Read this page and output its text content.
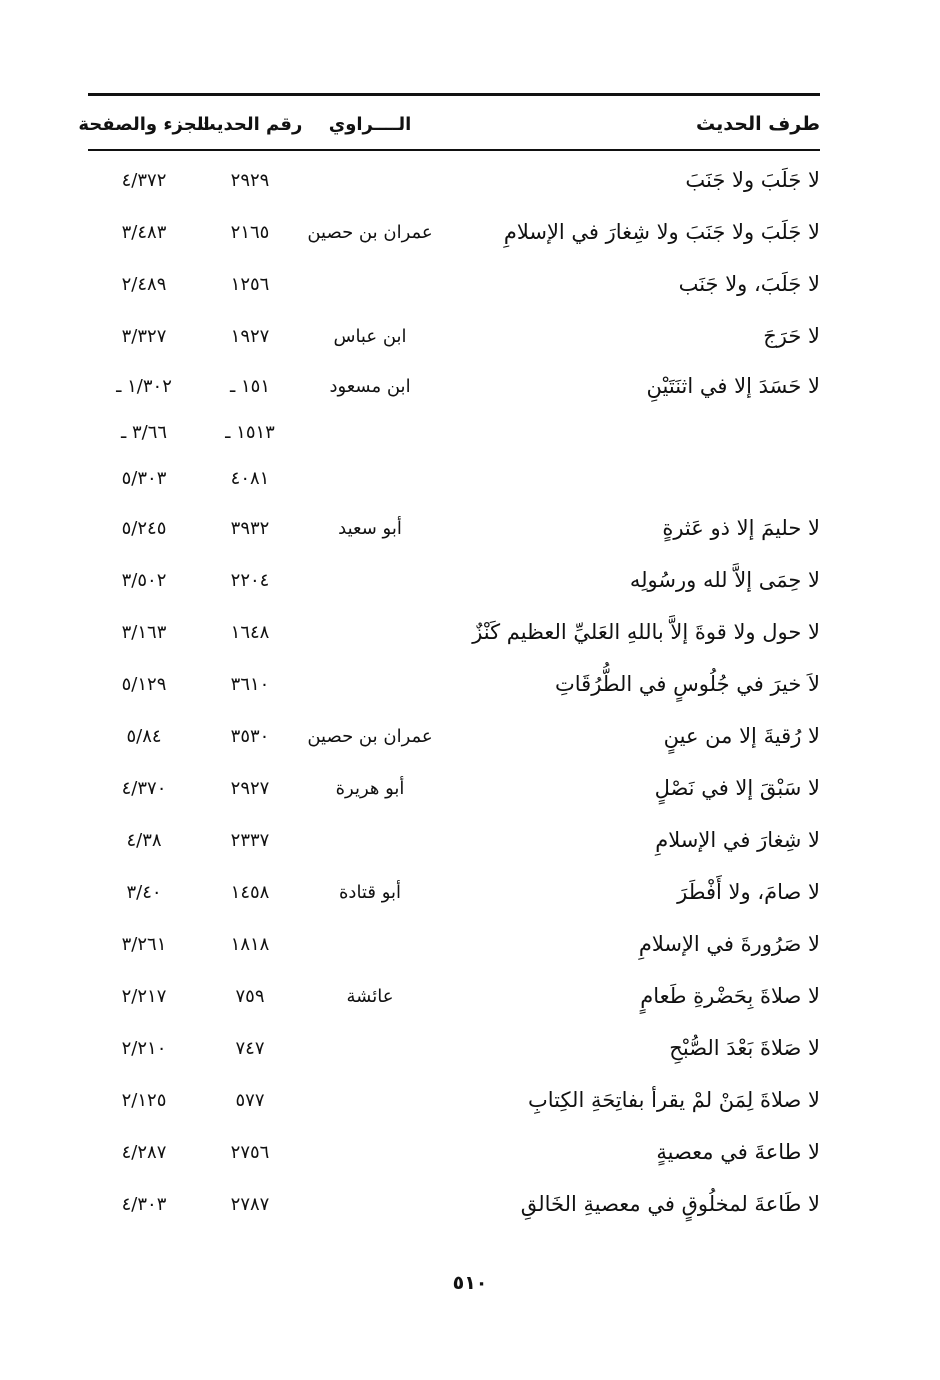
طرف الحديث
الــــراوي
رقم الحديث
الجزء والصفحة
لا جَلَبَ ولا جَنَبَ
٢٩٢٩
٤/٣٧٢
لا جَلَبَ ولا جَنَبَ ولا شِغارَ في الإسلامِ
عمران بن حصين
٢١٦٥
٣/٤٨٣
لا جَلَبَ، ولا جَنَب
١٢٥٦
٢/٤٨٩
لا حَرَجَ
ابن عباس
١٩٢٧
٣/٣٢٧
لا حَسَدَ إلا في اثنَتَيْنِ
ابن مسعود
١٥١ ـ
١/٣٠٢ ـ
١٥١٣ ـ
٣/٦٦ ـ
٤٠٨١
٥/٣٠٣
لا حليمَ إلا ذو عَثرةٍ
أبو سعيد
٣٩٣٢
٥/٢٤٥
لا حِمَى إلاَّ لله ورسُولِه
٢٢٠٤
٣/٥٠٢
لا حول ولا قوةَ إلاَّ باللهِ العَليِّ العظيم كَنْزٌ
١٦٤٨
٣/١٦٣
لاَ خيرَ في جُلُوسٍ في الطُّرُقَاتِ
٣٦١٠
٥/١٢٩
لا رُقيةَ إلا من عينٍ
عمران بن حصين
٣٥٣٠
٥/٨٤
لا سَبْقَ إلا في نَصْلٍ
أبو هريرة
٢٩٢٧
٤/٣٧٠
لا شِغارَ في الإسلامِ
٢٣٣٧
٤/٣٨
لا صامَ، ولا أَفْطَرَ
أبو قتادة
١٤٥٨
٣/٤٠
لا صَرُورةَ في الإسلامِ
١٨١٨
٣/٢٦١
لا صلاةَ بِحَضْرةِ طَعامٍ
عائشة
٧٥٩
٢/٢١٧
لا صَلاةَ بَعْدَ الصُّبْحِ
٧٤٧
٢/٢١٠
لا صلاةَ لِمَنْ لمْ يقرأ بفاتِحَةِ الكِتابِ
٥٧٧
٢/١٢٥
لا طاعةَ في معصيةٍ
٢٧٥٦
٤/٢٨٧
لا طَاعةَ لمخلُوقٍ في معصيةِ الخَالقِ
٢٧٨٧
٤/٣٠٣
٥١٠
